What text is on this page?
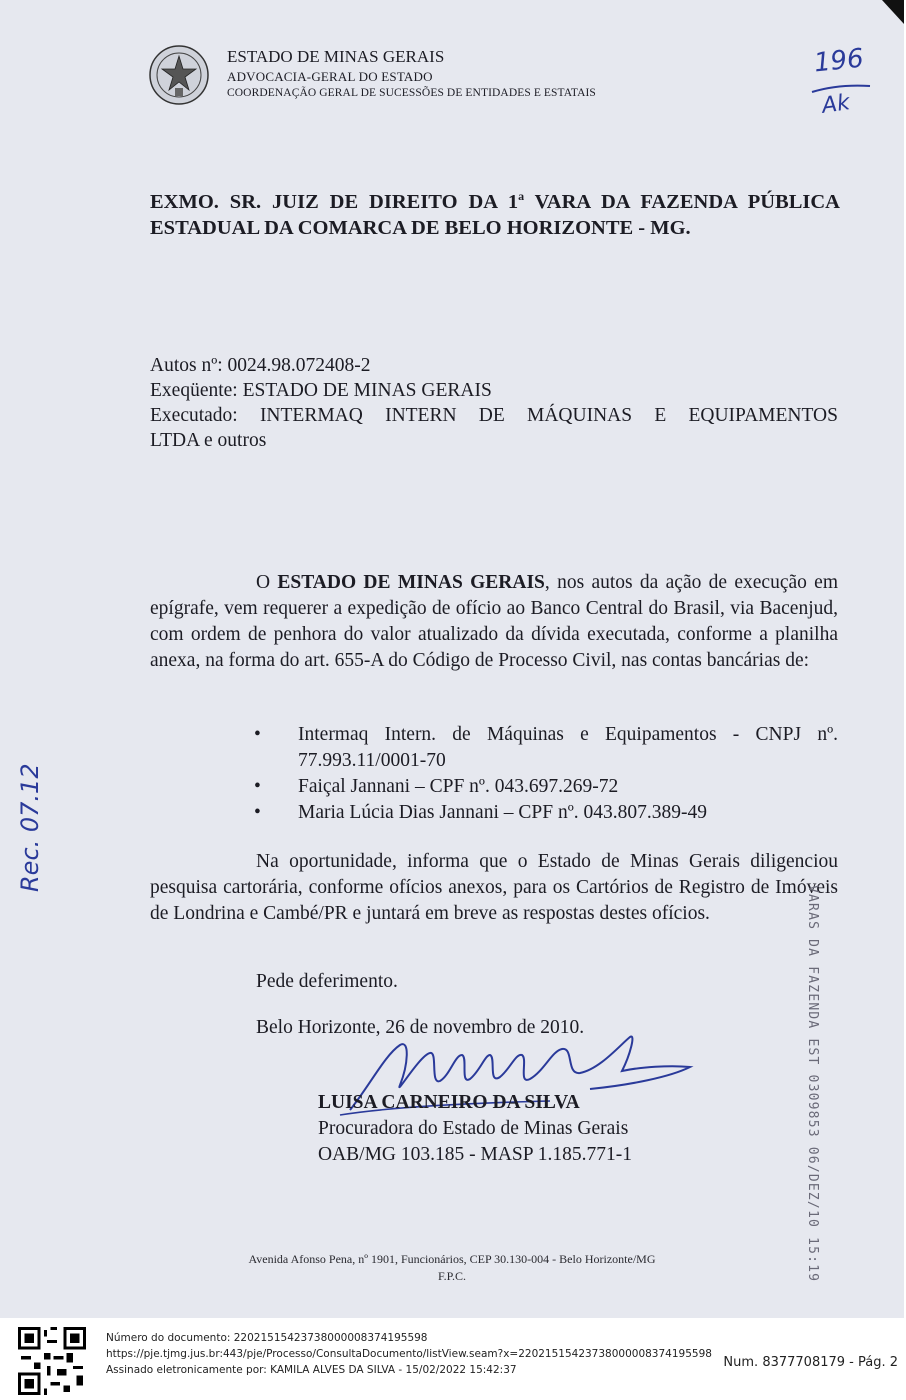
ESTADO DE MINAS GERAIS
ADVOCACIA-GERAL DO ESTADO
COORDENAÇÃO GERAL DE SUCESSÕES DE ENTIDADES E ESTATAIS
196
Ak
EXMO. SR. JUIZ DE DIREITO DA 1$^a$ VARA DA FAZENDA PÚBLICA
ESTADUAL DA COMARCA DE BELO HORIZONTE - MG.
Autos nº: 0024.98.072408-2
Exeqüente: ESTADO DE MINAS GERAIS
Executado: INTERMAQ INTERN DE MÁQUINAS E EQUIPAMENTOS
LTDA e outros
O ESTADO DE MINAS GERAIS, nos autos da ação de execução em epígrafe, vem requerer a expedição de ofício ao Banco Central do Brasil, via Bacenjud, com ordem de penhora do valor atualizado da dívida executada, conforme a planilha anexa, na forma do art. 655-A do Código de Processo Civil, nas contas bancárias de:
• Intermaq Intern. de Máquinas e Equipamentos - CNPJ nº. 77.993.11/0001-70
• Faiçal Jannani – CPF nº. 043.697.269-72
• Maria Lúcia Dias Jannani – CPF nº. 043.807.389-49
Na oportunidade, informa que o Estado de Minas Gerais diligenciou pesquisa cartorária, conforme ofícios anexos, para os Cartórios de Registro de Imóveis de Londrina e Cambé/PR e juntará em breve as respostas destes ofícios.
Pede deferimento.
Belo Horizonte, 26 de novembro de 2010.
LUISA CARNEIRO DA SILVA
Procuradora do Estado de Minas Gerais
OAB/MG 103.185 - MASP 1.185.771-1	VARAS DA FAZENDA EST 0309853 06/DEZ/10 15:19
Rec. 07.12
Avenida Afonso Pena, nº 1901, Funcionários, CEP 30.130-004 - Belo Horizonte/MG
F.P.C.
Número do documento: 22021515423738000008374195598
https://pje.tjmg.jus.br:443/pje/Processo/ConsultaDocumento/listView.seam?x=22021515423738000008374195598
Assinado eletronicamente por: KAMILA ALVES DA SILVA - 15/02/2022 15:42:37	Num. 8377708179 - Pág. 2
